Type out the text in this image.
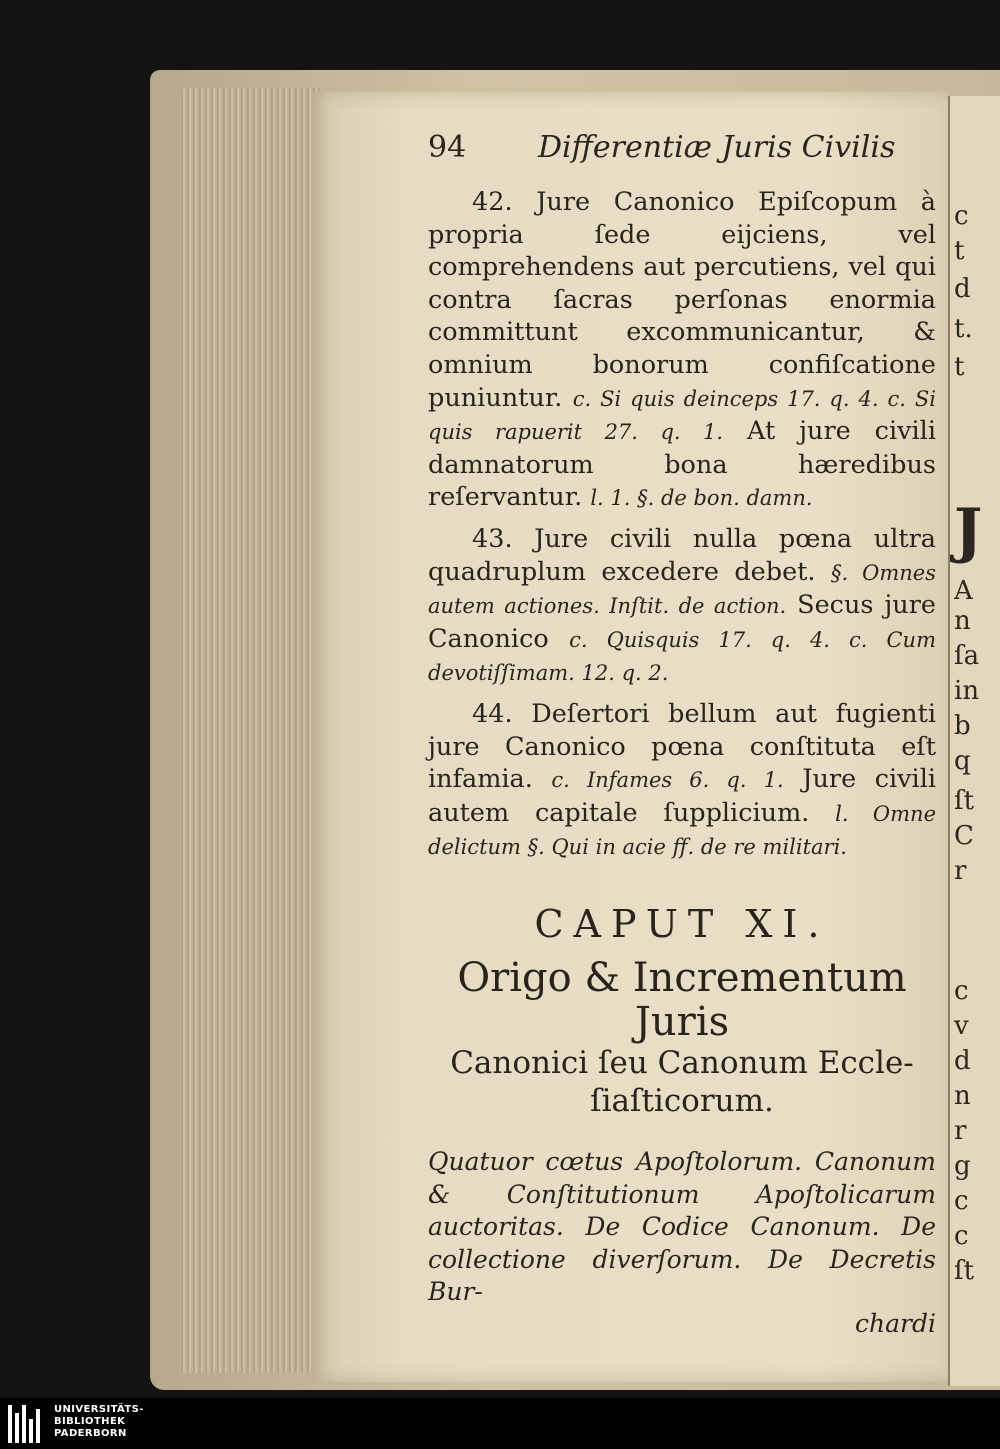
c
t
d
t.
t
J
A
n
ſa
in
b
q
ſt
C
r
c
v
d
n
r
g
c
c
ſt
94 Differentiæ Juris Civilis

42. Jure Canonico Epiſcopum à propria ſede eijciens, vel comprehendens aut percutiens, vel qui contra ſacras perſonas enormia committunt excommunicantur, & omnium bonorum confiſcatione puniuntur. c. Si quis deinceps 17. q. 4. c. Si quis rapuerit 27. q. 1. At jure civili damnatorum bona hæredibus reſervantur. l. 1. §. de bon. damn.

43. Jure civili nulla pœna ultra quadruplum excedere debet. §. Omnes autem actiones. Inſtit. de action. Secus jure Canonico c. Quisquis 17. q. 4. c. Cum devotiſſimam. 12. q. 2.

44. Deſertori bellum aut fugienti jure Canonico pœna conſtituta eſt infamia. c. Infames 6. q. 1. Jure civili autem capitale ſupplicium. l. Omne delictum §. Qui in acie ff. de re militari.

CAPUT XI.
Origo & Incrementum Juris
Canonici ſeu Canonum Eccle-
ſiaſticorum.
Quatuor cœtus Apoſtolorum. Canonum & Conſtitutionum Apoſtolicarum auctoritas. De Codice Canonum. De collectione diverſorum. De Decretis Bur-
chardi
UNIVERSITÄTS-
BIBLIOTHEK
PADERBORN
